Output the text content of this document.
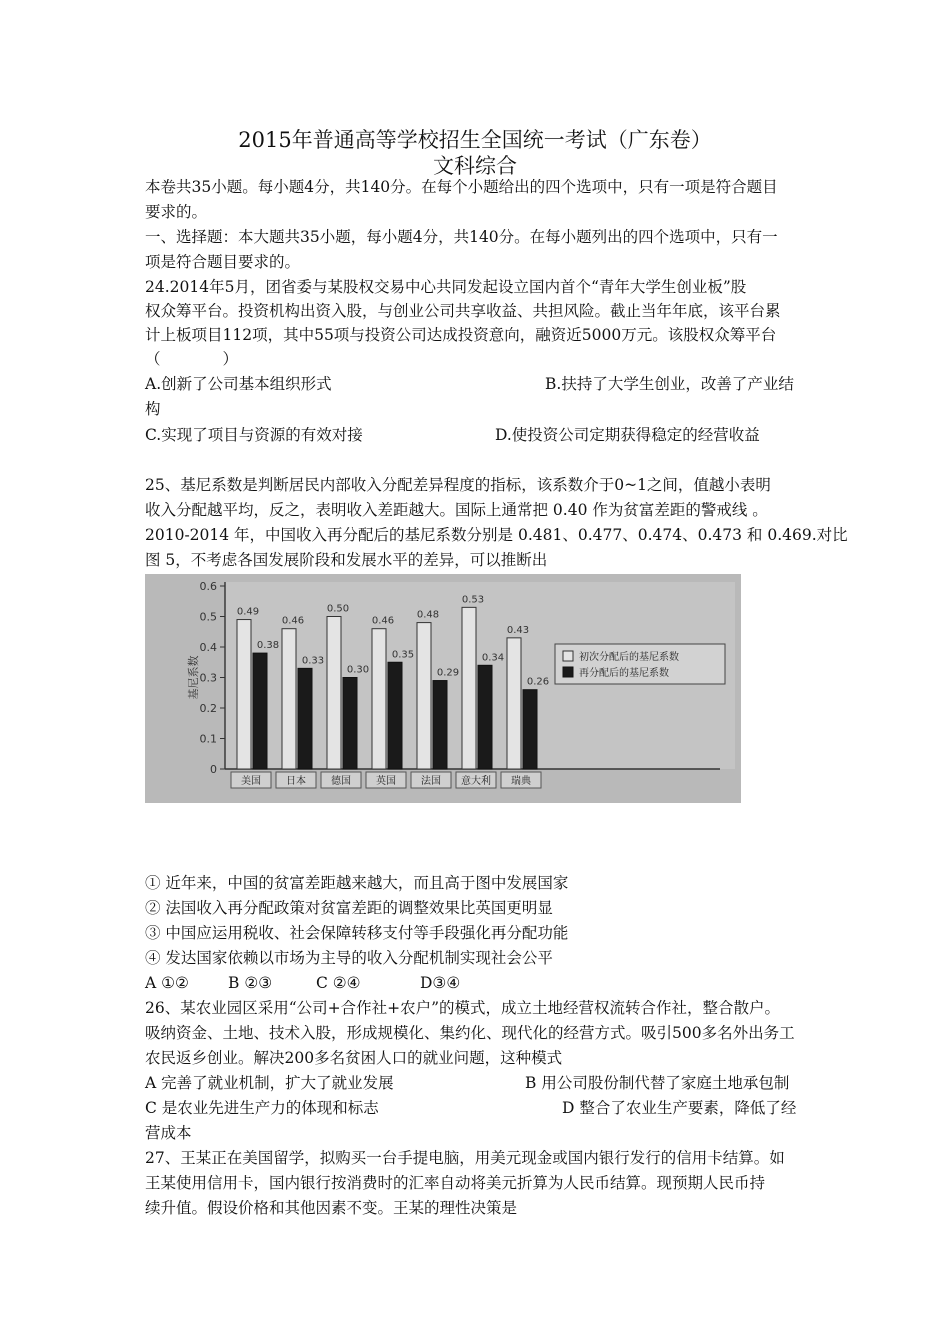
2015年普通高等学校招生全国统一考试（广东卷）
文科综合
本卷共35小题。每小题4分，共140分。在每个小题给出的四个选项中，只有一项是符合题目
要求的。
一、选择题：本大题共35小题，每小题4分，共140分。在每小题列出的四个选项中，只有一
项是符合题目要求的。
24.2014年5月，团省委与某股权交易中心共同发起设立国内首个“青年大学生创业板”股
权众筹平台。投资机构出资入股，与创业公司共享收益、共担风险。截止当年年底，该平台累
计上板项目112项，其中55项与投资公司达成投资意向，融资近5000万元。该股权众筹平台
（　　　　）
A.创新了公司基本组织形式	B.扶持了大学生创业，改善了产业结
构
C.实现了项目与资源的有效对接	D.使投资公司定期获得稳定的经营收益
25、基尼系数是判断居民内部收入分配差异程度的指标，该系数介于0~1之间，值越小表明
收入分配越平均，反之，表明收入差距越大。国际上通常把 0.40 作为贫富差距的警戒线 。
2010-2014 年，中国收入再分配后的基尼系数分别是 0.481、0.477、0.474、0.473 和 0.469.对比
图 5，不考虑各国发展阶段和发展水平的差异，可以推断出
0
0.1
0.2
0.3
0.4
0.5
0.6
基尼系数
0.49
0.38
美国
0.46
0.33
日本
0.50
0.30
德国
0.46
0.35
英国
0.48
0.29
法国
0.53
0.34
意大利
0.43
0.26
瑞典
初次分配后的基尼系数
再分配后的基尼系数
① 近年来，中国的贫富差距越来越大，而且高于图中发展国家
② 法国收入再分配政策对贫富差距的调整效果比英国更明显
③ 中国应运用税收、社会保障转移支付等手段强化再分配功能
④ 发达国家依赖以市场为主导的收入分配机制实现社会公平
A ①②	B ②③	C ②④	D③④
26、某农业园区采用“公司+合作社+农户”的模式，成立土地经营权流转合作社，整合散户。
吸纳资金、土地、技术入股，形成规模化、集约化、现代化的经营方式。吸引500多名外出务工
农民返乡创业。解决200多名贫困人口的就业问题，这种模式
A 完善了就业机制，扩大了就业发展	B 用公司股份制代替了家庭土地承包制
C 是农业先进生产力的体现和标志	D 整合了农业生产要素，降低了经
营成本
27、王某正在美国留学，拟购买一台手提电脑，用美元现金或国内银行发行的信用卡结算。如
王某使用信用卡，国内银行按消费时的汇率自动将美元折算为人民币结算。现预期人民币持
续升值。假设价格和其他因素不变。王某的理性决策是
